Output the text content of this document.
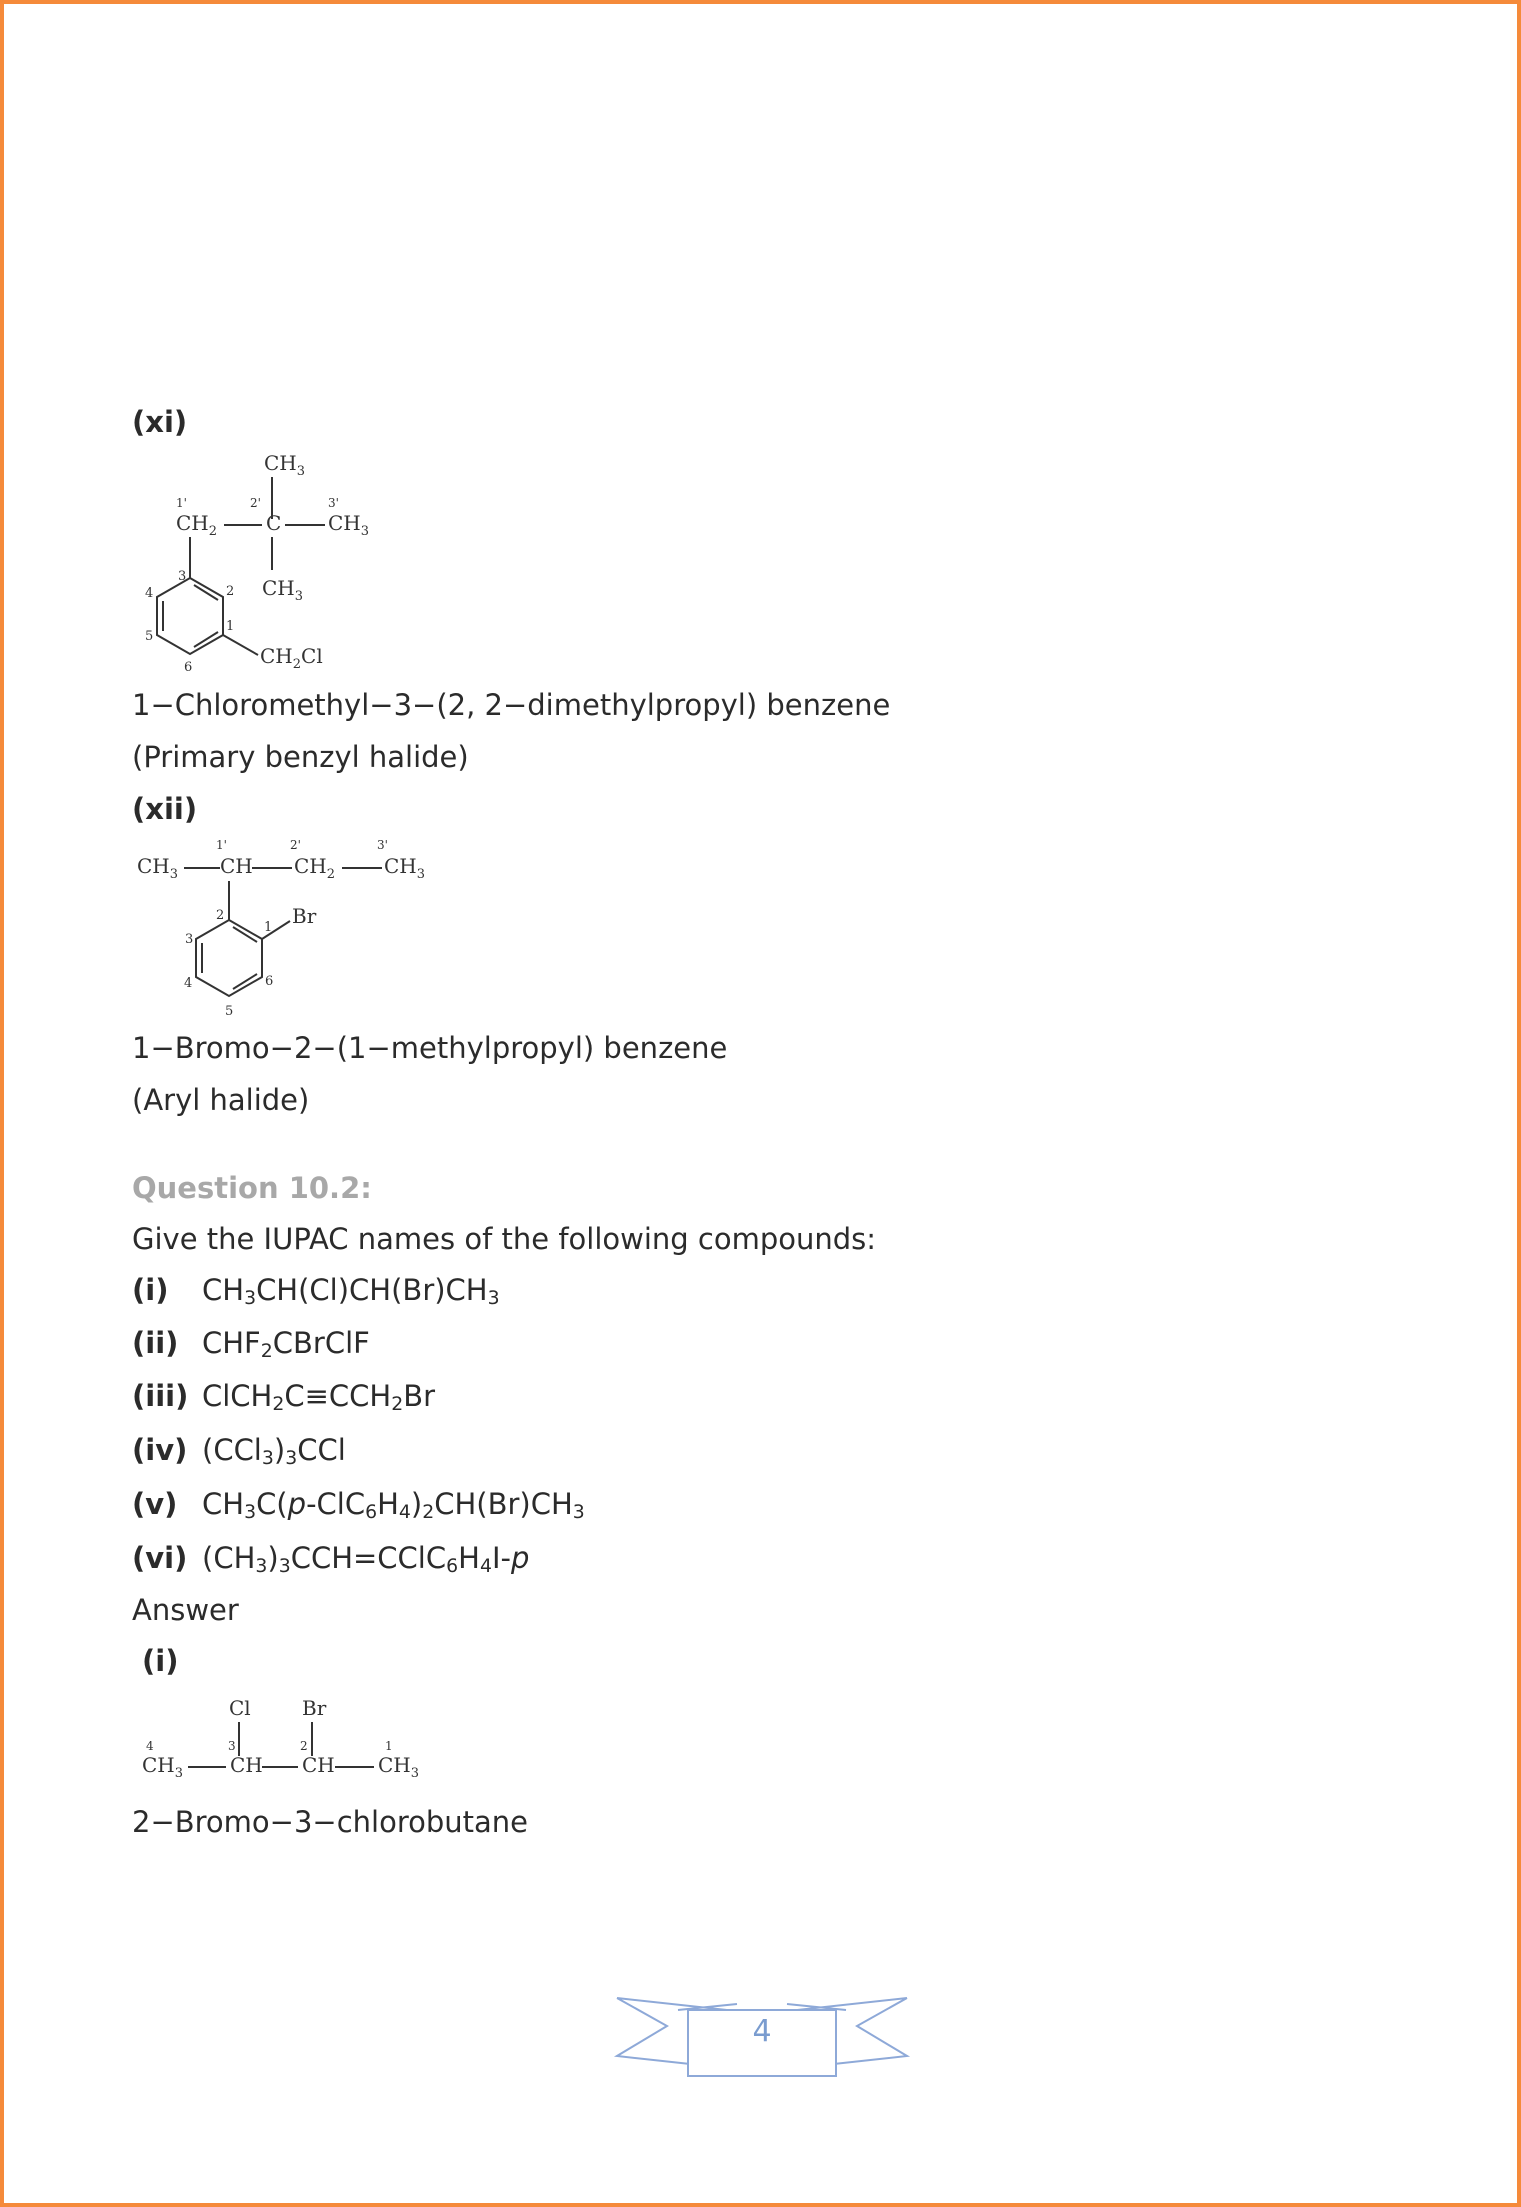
(xi)
$CH_3$
1'	2'	3'
$CH_2$ C $CH_3$
$CH_3$
$CH_2Cl$
3
2
1
4
5
6
1−Chloromethyl−3−(2, 2−dimethylpropyl) benzene
(Primary benzyl halide)
(xii)
1'	2'	3'
$CH_3$ CH $CH_2$ $CH_3$
Br
2
1
3
4
5
6
1−Bromo−2−(1−methylpropyl) benzene
(Aryl halide)
Question 10.2:
Give the IUPAC names of the following compounds:
(i) $CH_3CH(Cl)CH(Br)CH_3$
(ii) $CHF_2CBrClF$
(iii) $ClCH_2C\equiv CCH_2Br$
(iv) $(CCl_3)_3CCl$
(v) $CH_3C(p-ClC_6H_4)_2CH(Br)CH_3$
(vi) $(CH_3)_3CCH=CClC_6H_4I-p$
Answer
(i)
Cl	Br
4	3	2	1
$CH_3$ CH CH $CH_3$
2−Bromo−3−chlorobutane
4
